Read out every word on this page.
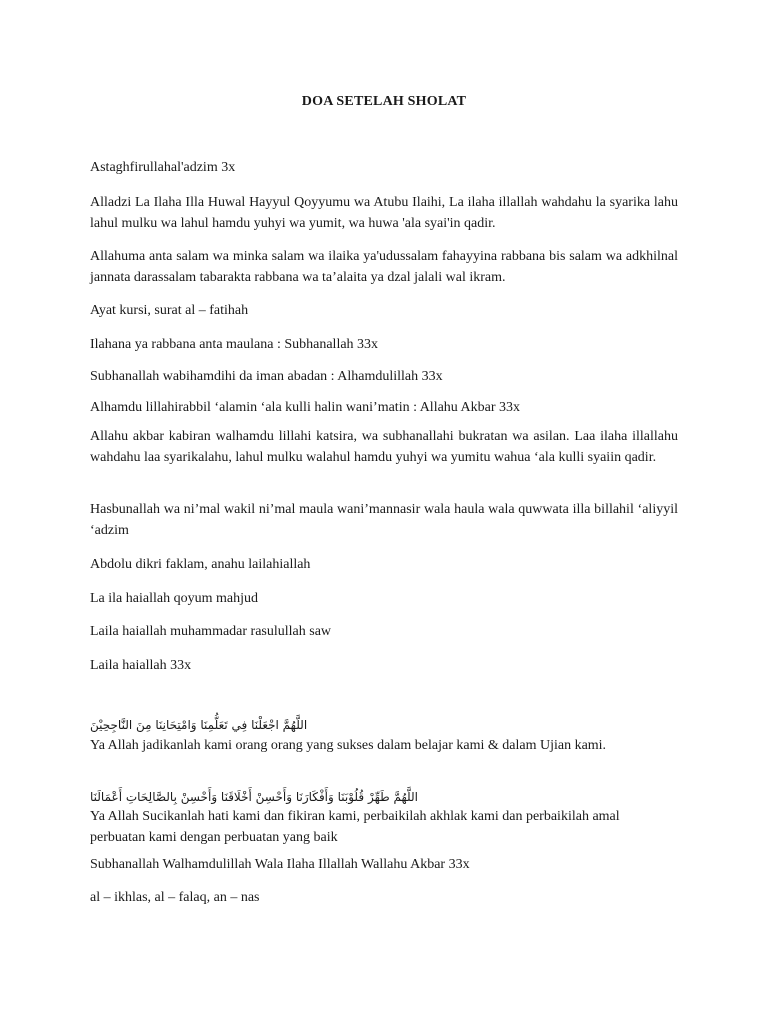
DOA SETELAH SHOLAT

Astaghfirullahal'adzim 3x

Alladzi La Ilaha Illa Huwal Hayyul Qoyyumu wa Atubu Ilaihi, La ilaha illallah wahdahu la syarika lahu lahul mulku wa lahul hamdu yuhyi wa yumit, wa huwa 'ala syai'in qadir.

Allahuma anta salam wa minka salam wa ilaika ya'udussalam fahayyina rabbana bis salam wa adkhilnal jannata darassalam tabarakta rabbana wa ta’alaita ya dzal jalali wal ikram.

Ayat kursi, surat al – fatihah

Ilahana ya rabbana anta maulana : Subhanallah 33x

Subhanallah wabihamdihi da iman abadan : Alhamdulillah 33x

Alhamdu lillahirabbil ‘alamin ‘ala kulli halin wani’matin : Allahu Akbar 33x

Allahu akbar kabiran walhamdu lillahi katsira, wa subhanallahi bukratan wa asilan. Laa ilaha illallahu wahdahu laa syarikalahu, lahul mulku walahul hamdu yuhyi wa yumitu wahua ‘ala kulli syaiin qadir.

Hasbunallah wa ni’mal wakil ni’mal maula wani’mannasir wala haula wala quwwata illa billahil ‘aliyyil ‘adzim

Abdolu dikri faklam, anahu lailahiallah

La ila haiallah qoyum mahjud

Laila haiallah muhammadar rasulullah saw

Laila haiallah 33x

اللَّهُمَّ اجْعَلْنَا فِي تَعَلُّمِنَا وَامْتِحَانِنَا مِنَ النَّاجِحِيْنَ

Ya Allah jadikanlah kami orang orang yang sukses dalam belajar kami & dalam Ujian kami.

اللَّهُمَّ طَهِّرْ قُلُوْبَنَا وَأَفْكَارَنَا وَأَحْسِنْ أَخْلَاقَنَا وَأَحْسِنْ بِالصَّالِحَاتِ أَعْمَالَنَا

Ya Allah Sucikanlah hati kami dan fikiran kami, perbaikilah akhlak kami dan perbaikilah amal perbuatan kami dengan perbuatan yang baik

Subhanallah Walhamdulillah Wala Ilaha Illallah Wallahu Akbar 33x

al – ikhlas, al – falaq, an – nas
